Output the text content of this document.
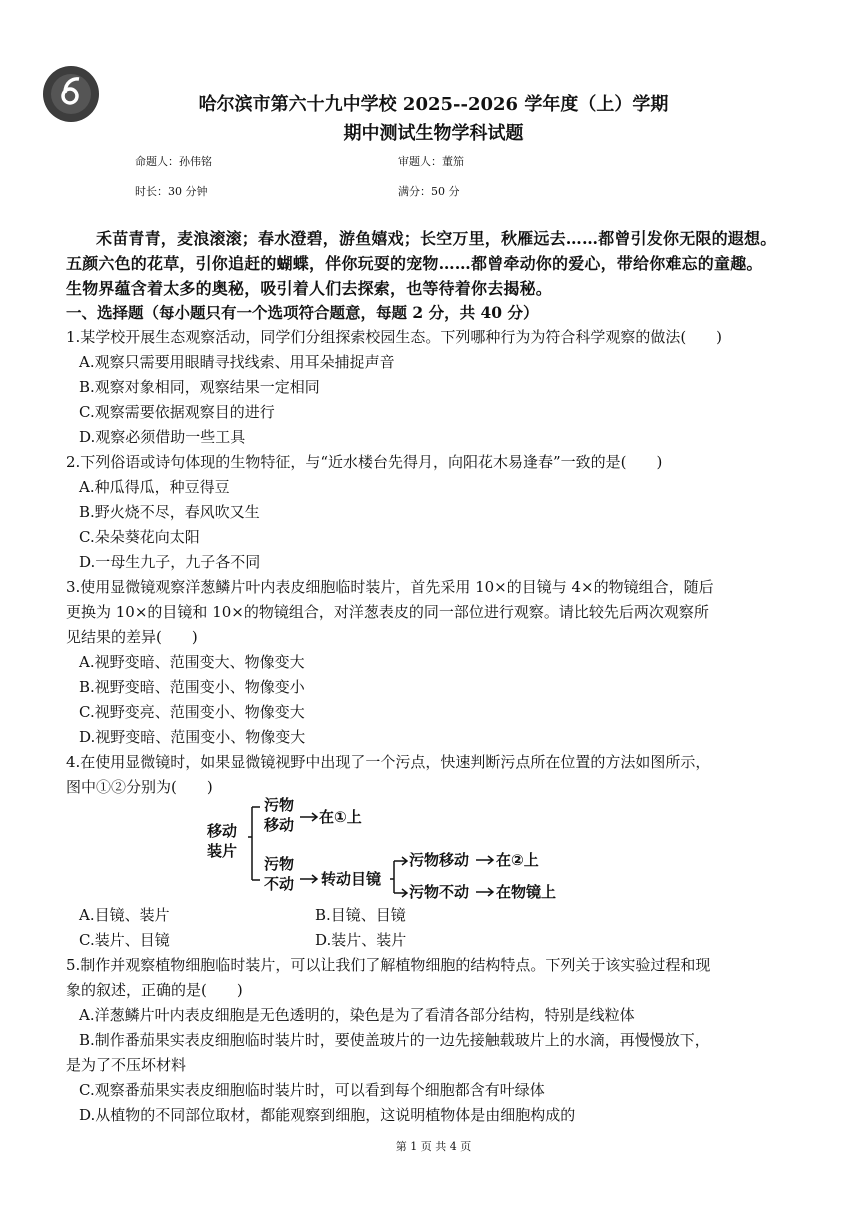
哈尔滨市第六十九中学校 2025--2026 学年度（上）学期
期中测试生物学科试题
命题人：孙伟铭	审题人：董笳
时长：30 分钟	满分：50 分
禾苗青青，麦浪滚滚；春水澄碧，游鱼嬉戏；长空万里，秋雁远去……都曾引发你无限的遐想。
五颜六色的花草，引你追赶的蝴蝶，伴你玩耍的宠物……都曾牵动你的爱心，带给你难忘的童趣。
生物界蕴含着太多的奥秘，吸引着人们去探索，也等待着你去揭秘。
一、选择题（每小题只有一个选项符合题意，每题 2 分，共 40 分）
1.某学校开展生态观察活动，同学们分组探索校园生态。下列哪种行为为符合科学观察的做法(　　)
A.观察只需要用眼睛寻找线索、用耳朵捕捉声音
B.观察对象相同，观察结果一定相同
C.观察需要依据观察目的进行
D.观察必须借助一些工具
2.下列俗语或诗句体现的生物特征，与“近水楼台先得月，向阳花木易逢春”一致的是(　　)
A.种瓜得瓜，种豆得豆
B.野火烧不尽，春风吹又生
C.朵朵葵花向太阳
D.一母生九子，九子各不同
3.使用显微镜观察洋葱鳞片叶内表皮细胞临时装片，首先采用 10×的目镜与 4×的物镜组合，随后
更换为 10×的目镜和 10×的物镜组合，对洋葱表皮的同一部位进行观察。请比较先后两次观察所
见结果的差异(　　)
A.视野变暗、范围变大、物像变大
B.视野变暗、范围变小、物像变小
C.视野变亮、范围变小、物像变大
D.视野变暗、范围变小、物像变大
4.在使用显微镜时，如果显微镜视野中出现了一个污点，快速判断污点所在位置的方法如图所示，
图中①②分别为(　　)
移动
装片
污物
移动 在①上
污物
不动 转动目镜
污物移动 在②上
污物不动 在物镜上
A.目镜、装片	B.目镜、目镜
C.装片、目镜	D.装片、装片
5.制作并观察植物细胞临时装片，可以让我们了解植物细胞的结构特点。下列关于该实验过程和现
象的叙述，正确的是(　　)
A.洋葱鳞片叶内表皮细胞是无色透明的，染色是为了看清各部分结构，特别是线粒体
B.制作番茄果实表皮细胞临时装片时，要使盖玻片的一边先接触载玻片上的水滴，再慢慢放下，
是为了不压坏材料
C.观察番茄果实表皮细胞临时装片时，可以看到每个细胞都含有叶绿体
D.从植物的不同部位取材，都能观察到细胞，这说明植物体是由细胞构成的
第 1 页 共 4 页
